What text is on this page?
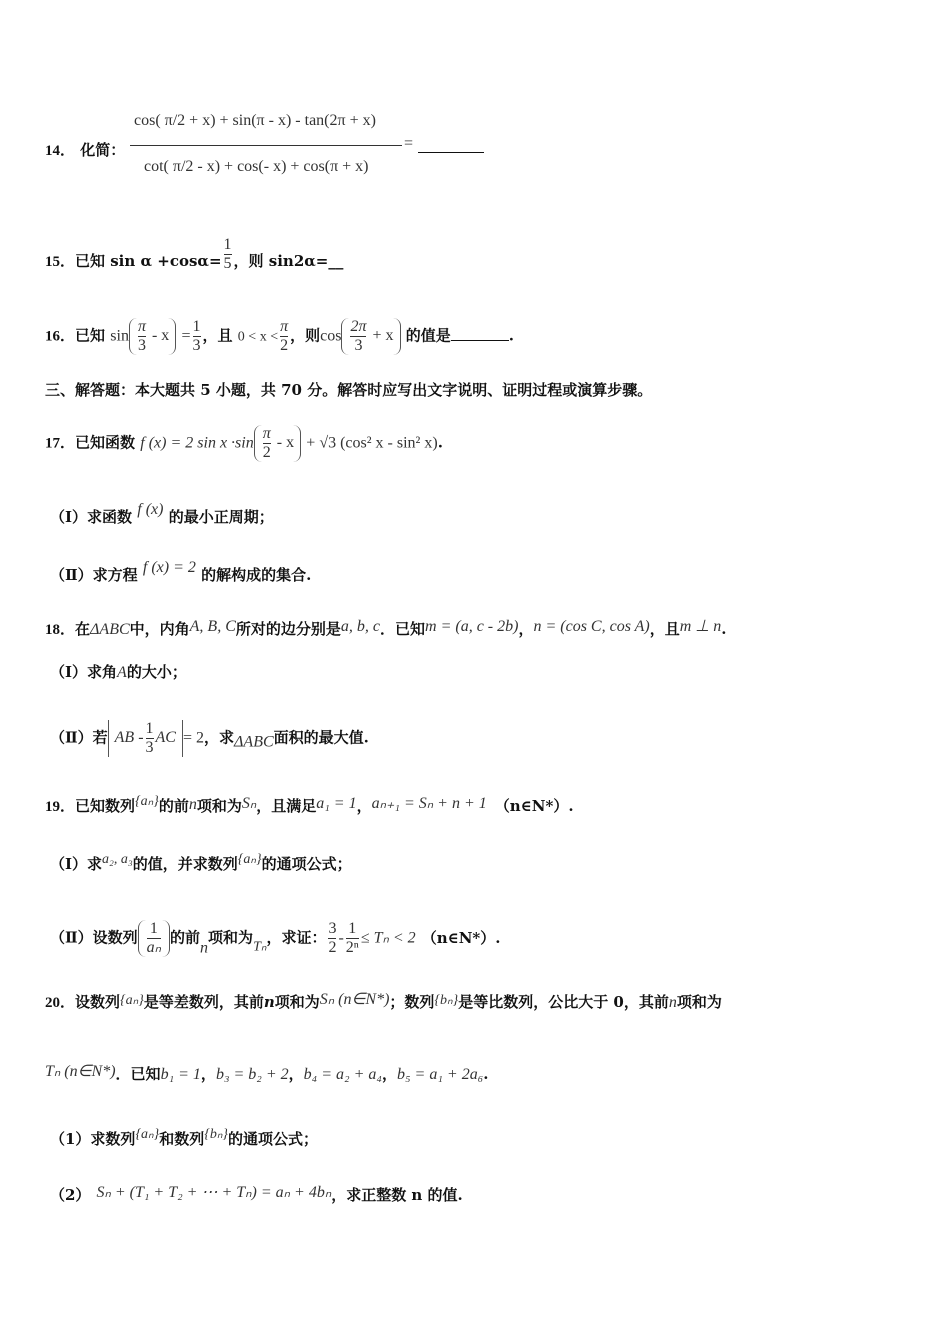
14． 化简：
cos( π/2 + x) + sin(π - x) - tan(2π + x)
cot( π/2 - x) + cos(- x) + cos(π + x)
=
15．已知 $\sin \alpha +\cos\alpha= \frac{1}{5}$ ，则 sin2α=__
16．已知 $\sin \frac{\pi}{3} - x = \frac{1}{3}$ ，且 $0 < x < \frac{\pi}{2}$ ，则$\cos \frac{2\pi}{3} + x$ 的值是	.
三、解答题：本大题共 5 小题，共 70 分。解答时应写出文字说明、证明过程或演算步骤。
17．已知函数 f (x) = 2 $\sin x \cdot\sin \frac{\pi}{2} - x + √3$ (cos² x - sin² x).
（Ⅰ）求函数 f (x) 的最小正周期；
（Ⅱ）求方程 f (x) = 2 的解构成的集合.
18．在ΔABC中，内角A, B, C所对的边分别是a, b, c．已知m = (a, c - 2b)，n = (cos C, cos A)，且m ⊥ n.
（Ⅰ）求角A的大小；
（Ⅱ）若 AB - $\frac{1}{3}$ AC = 2，求ΔABC面积的最大值.
19．已知数列{aₙ}的前n项和为Sₙ，且满足a₁ = 1，aₙ₊₁ = Sₙ + n + 1 （n∈N*）.
（Ⅰ）求a₂, a₃的值，并求数列{aₙ}的通项公式；
（Ⅱ）设数列 $\frac{1}{\text{aₙ}}$ 的前n项和为Tₙ，求证： $\frac{3}{2} - \frac{1}{\text{2ⁿ}} \le T_n < 2$ （n∈N*）.
20．设数列{aₙ}是等差数列，其前n项和为Sₙ (n∈N*)；数列{bₙ}是等比数列，公比大于 0，其前n项和为
Tₙ (n∈N*)．已知b₁ = 1，b₃ = b₂ + 2，b₄ = a₂ + a₄，b₅ = a₁ + 2a₆.
（1）求数列{aₙ}和数列{bₙ}的通项公式；
（2） Sₙ + (T₁ + T₂ + ⋯ + Tₙ) = aₙ + 4bₙ，求正整数 n 的值.
